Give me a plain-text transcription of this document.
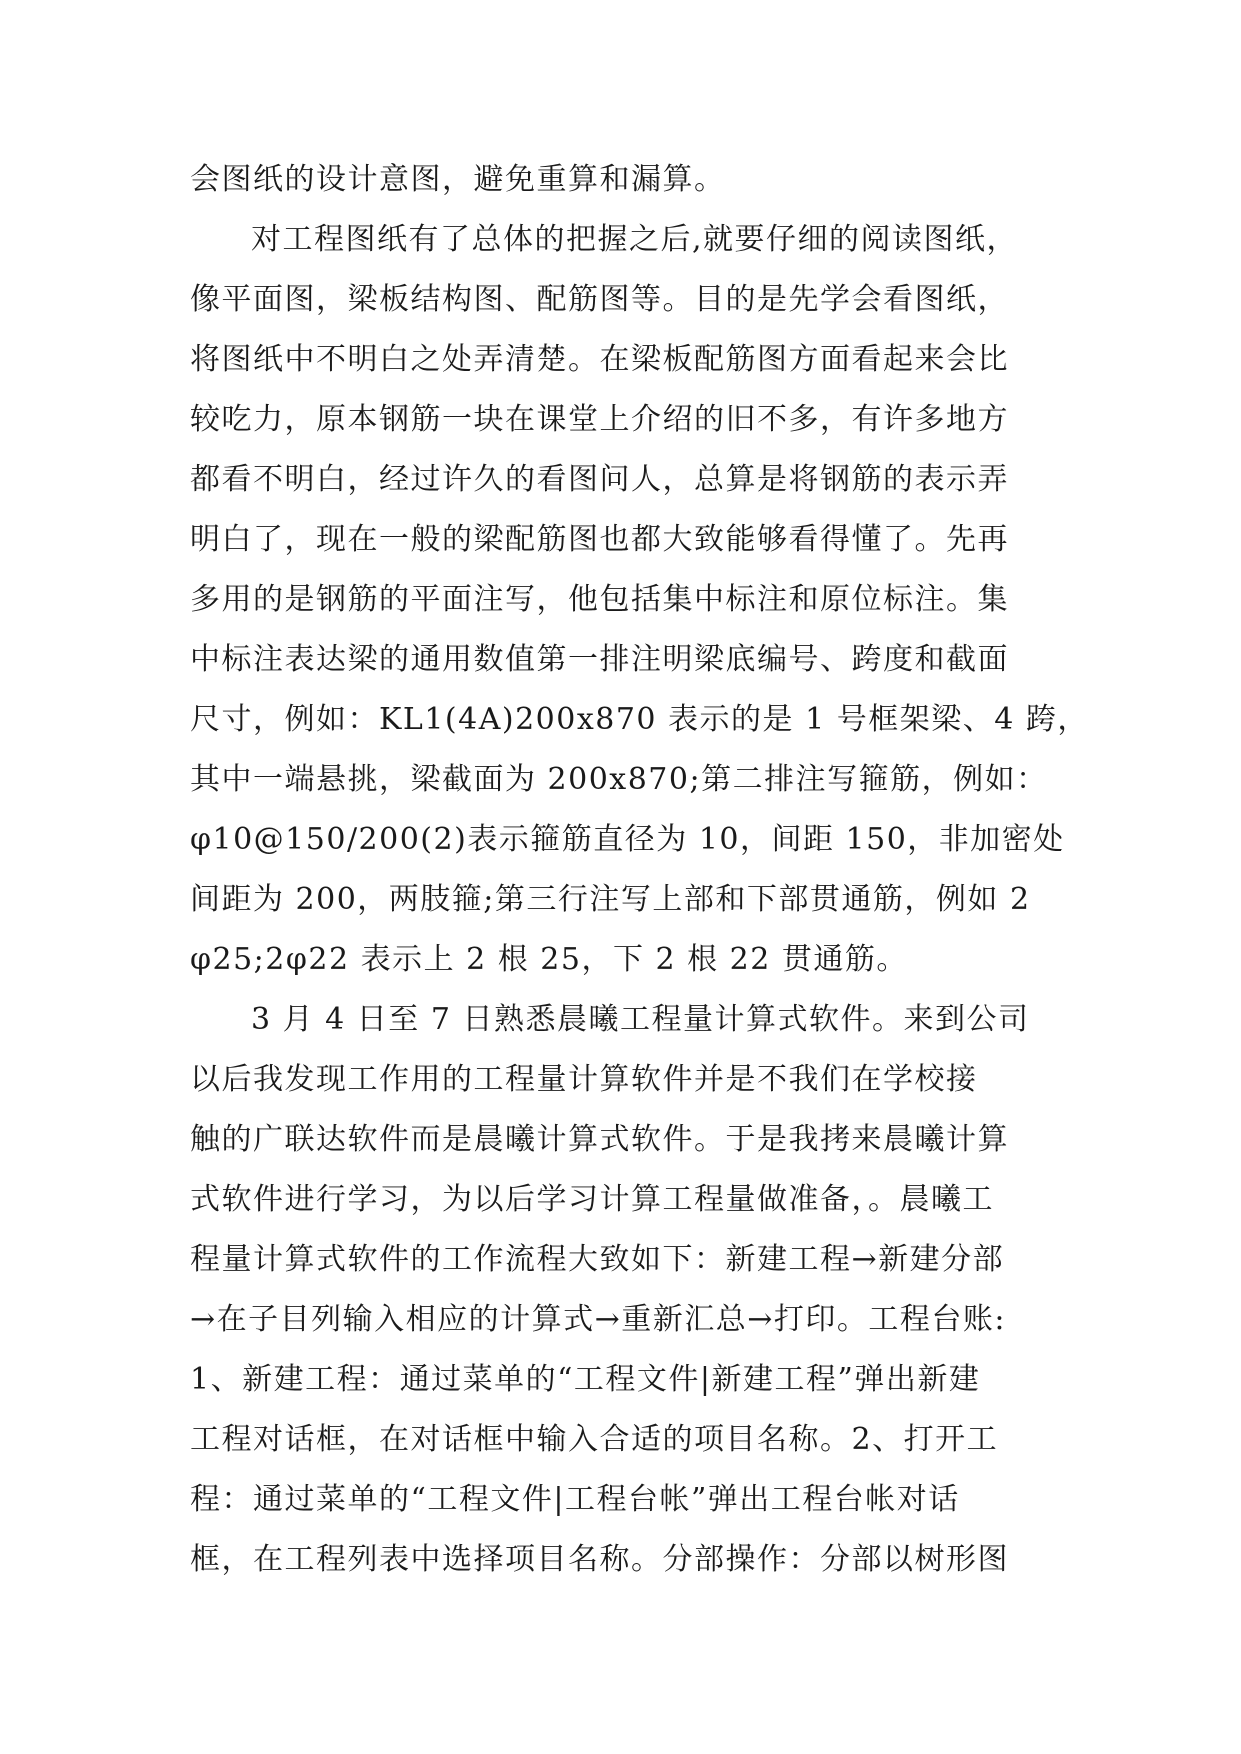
会图纸的设计意图，避免重算和漏算。
对工程图纸有了总体的把握之后,就要仔细的阅读图纸，
像平面图，梁板结构图、配筋图等。目的是先学会看图纸，
将图纸中不明白之处弄清楚。在梁板配筋图方面看起来会比
较吃力，原本钢筋一块在课堂上介绍的旧不多，有许多地方
都看不明白，经过许久的看图问人，总算是将钢筋的表示弄
明白了，现在一般的梁配筋图也都大致能够看得懂了。先再
多用的是钢筋的平面注写，他包括集中标注和原位标注。集
中标注表达梁的通用数值第一排注明梁底编号、跨度和截面
尺寸，例如：KL1(4A)200x870 表示的是 1 号框架梁、4 跨，
其中一端悬挑，梁截面为 200x870;第二排注写箍筋，例如：
φ10@150/200(2)表示箍筋直径为 10，间距 150，非加密处
间距为 200，两肢箍;第三行注写上部和下部贯通筋，例如 2
φ25;2φ22 表示上 2 根 25，下 2 根 22 贯通筋。
3 月 4 日至 7 日熟悉晨曦工程量计算式软件。来到公司
以后我发现工作用的工程量计算软件并是不我们在学校接
触的广联达软件而是晨曦计算式软件。于是我拷来晨曦计算
式软件进行学习，为以后学习计算工程量做准备，。晨曦工
程量计算式软件的工作流程大致如下：新建工程→新建分部
→在子目列输入相应的计算式→重新汇总→打印。工程台账:
1、新建工程：通过菜单的“工程文件|新建工程”弹出新建
工程对话框，在对话框中输入合适的项目名称。2、打开工
程：通过菜单的“工程文件|工程台帐”弹出工程台帐对话
框，在工程列表中选择项目名称。分部操作：分部以树形图
